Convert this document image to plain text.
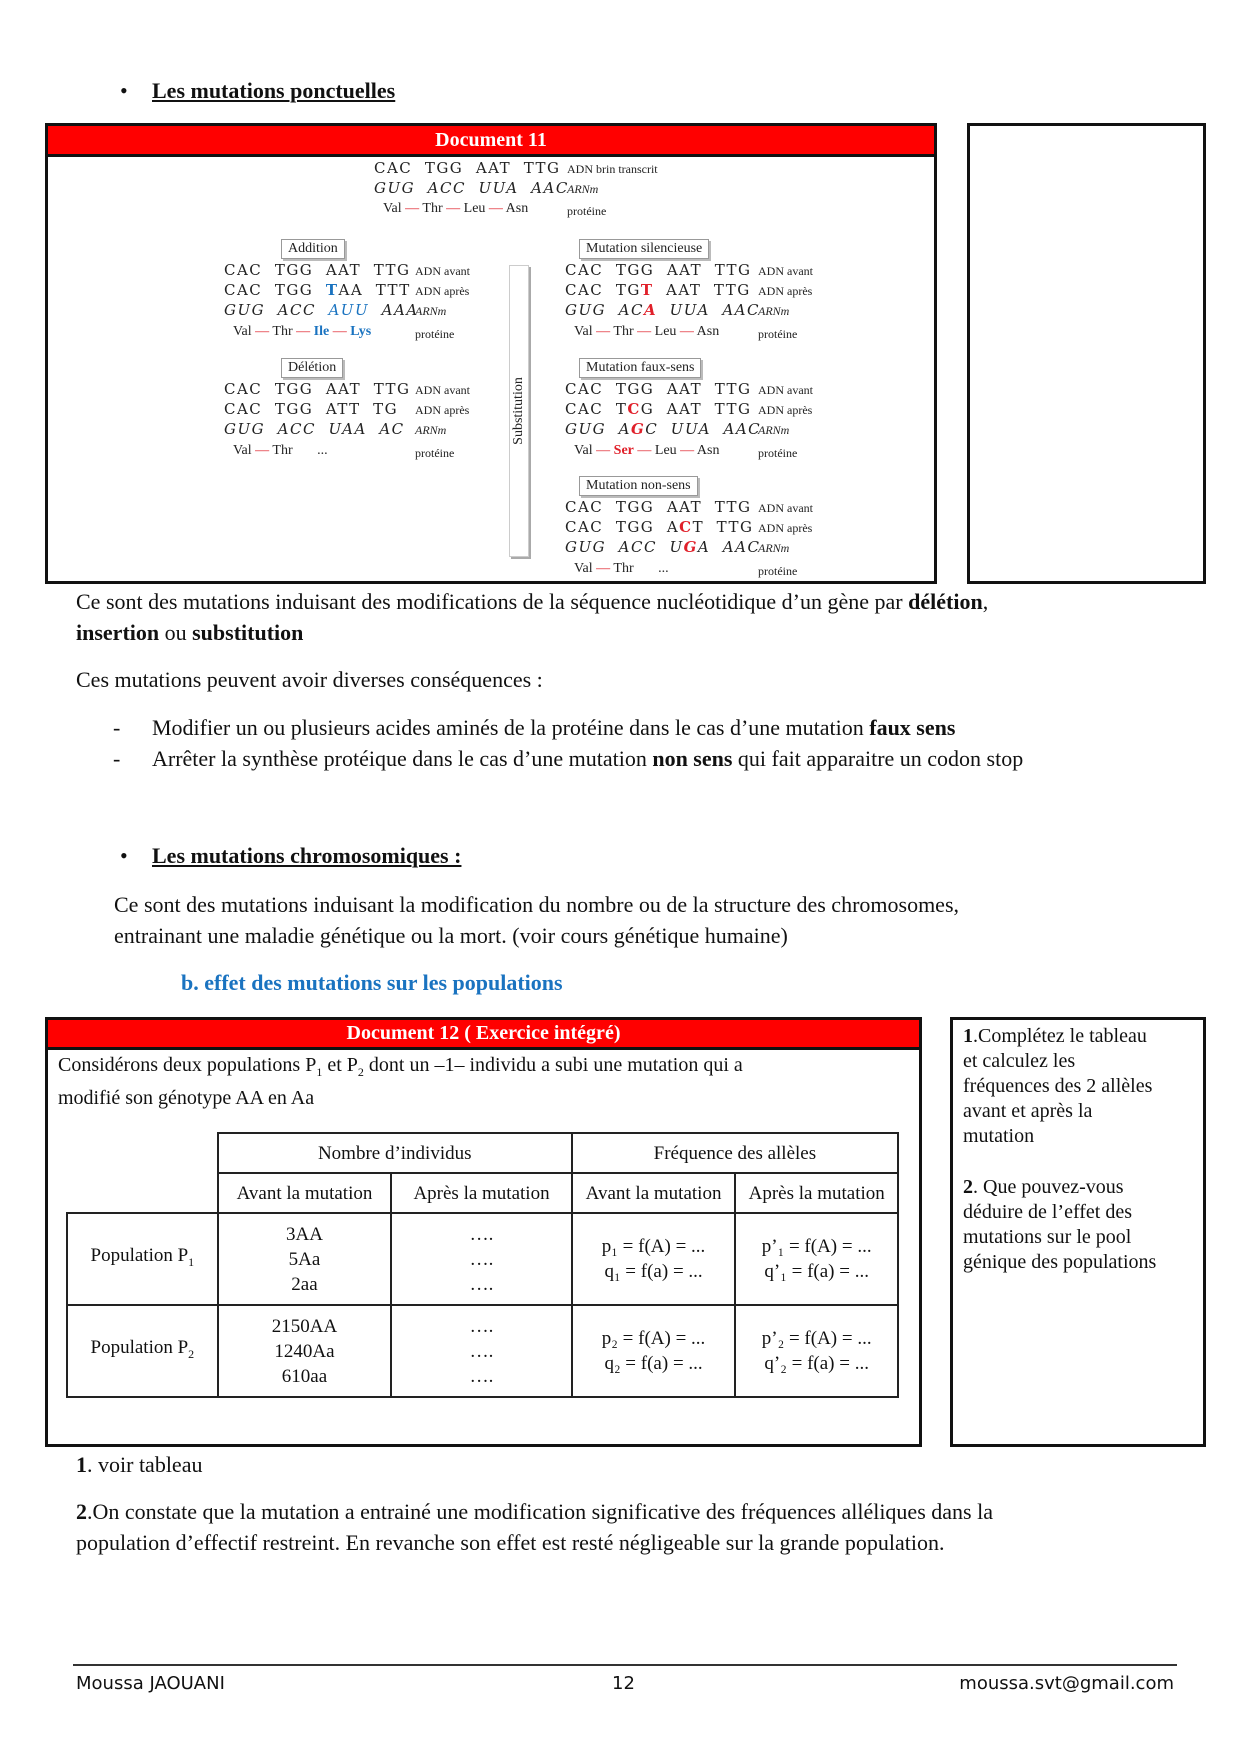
• Les mutations ponctuelles
Document 11
CAC  TGG  AAT  TTG ADN brin transcrit
GUG  ACC  UUA  AAC
ARNm
Val — Thr — Leu — Asn	protéine
Addition
CAC  TGG  AAT  TTG ADN avant
CAC  TGG  TAA  TTT ADN après
GUG  ACC  AUU  AAA
ARNm
Val — Thr — Ile — Lys	protéine
Délétion
CAC  TGG  AAT  TTG ADN avant
CAC  TGG  ATT  TG ADN après
GUG  ACC  UAA  AC ARNm
Val — Thr ...	protéine
Substitution
Mutation silencieuse
CAC  TGG  AAT  TTG ADN avant
CAC  TGT  AAT  TTG ADN après
GUG  ACA  UUA  AAC
ARNm
Val — Thr — Leu — Asn	protéine
Mutation faux-sens
CAC  TGG  AAT  TTG ADN avant
CAC  TCG  AAT  TTG ADN après
GUG  AGC  UUA  AAC
ARNm
Val — Ser — Leu — Asn	protéine
Mutation non-sens
CAC  TGG  AAT  TTG ADN avant
CAC  TGG  ACT  TTG ADN après
GUG  ACC  UGA  AAC
ARNm
Val — Thr ...	protéine
Ce sont des mutations induisant des modifications de la séquence nucléotidique d’un gène par délétion,
insertion ou substitution
Ces mutations peuvent avoir diverses conséquences :
- Modifier un ou plusieurs acides aminés de la protéine dans le cas d’une mutation faux sens
- Arrêter la synthèse protéique dans le cas d’une mutation non sens qui fait apparaitre un codon stop
• Les mutations chromosomiques :
Ce sont des mutations induisant la modification du nombre ou de la structure des chromosomes,
entrainant une maladie génétique ou la mort. (voir cours génétique humaine)
b. effet des mutations sur les populations
Document 12 ( Exercice intégré)
Considérons deux populations $P_1$ et $P_2$ dont un –1– individu a subi une mutation qui a
modifié son génotype AA en Aa
	Nombre d’individus		Fréquence des allèles	
	Avant la mutation	Après la mutation	Avant la mutation	Après la mutation
Population $P_1$	
3AA
5Aa
2aa

….
….
….

p₁ = f(A) = ...
q₁ = f(a) = ...

p’₁ = f(A) = ...
q’₁ = f(a) = ...

Population $P_2$	
2150AA
1240Aa
610aa

….
….
….

p₂ = f(A) = ...
q₂ = f(a) = ...

p’₂ = f(A) = ...
q’₂ = f(a) = ...
1.Complétez le tableau
et calculez les
fréquences des 2 allèles
avant et après la
mutation
2. Que pouvez-vous
déduire de l’effet des
mutations sur le pool
génique des populations
1. voir tableau
2.On constate que la mutation a entrainé une modification significative des fréquences alléliques dans la
population d’effectif restreint. En revanche son effet est resté négligeable sur la grande population.
Moussa JAOUANI	12	moussa.svt@gmail.com
